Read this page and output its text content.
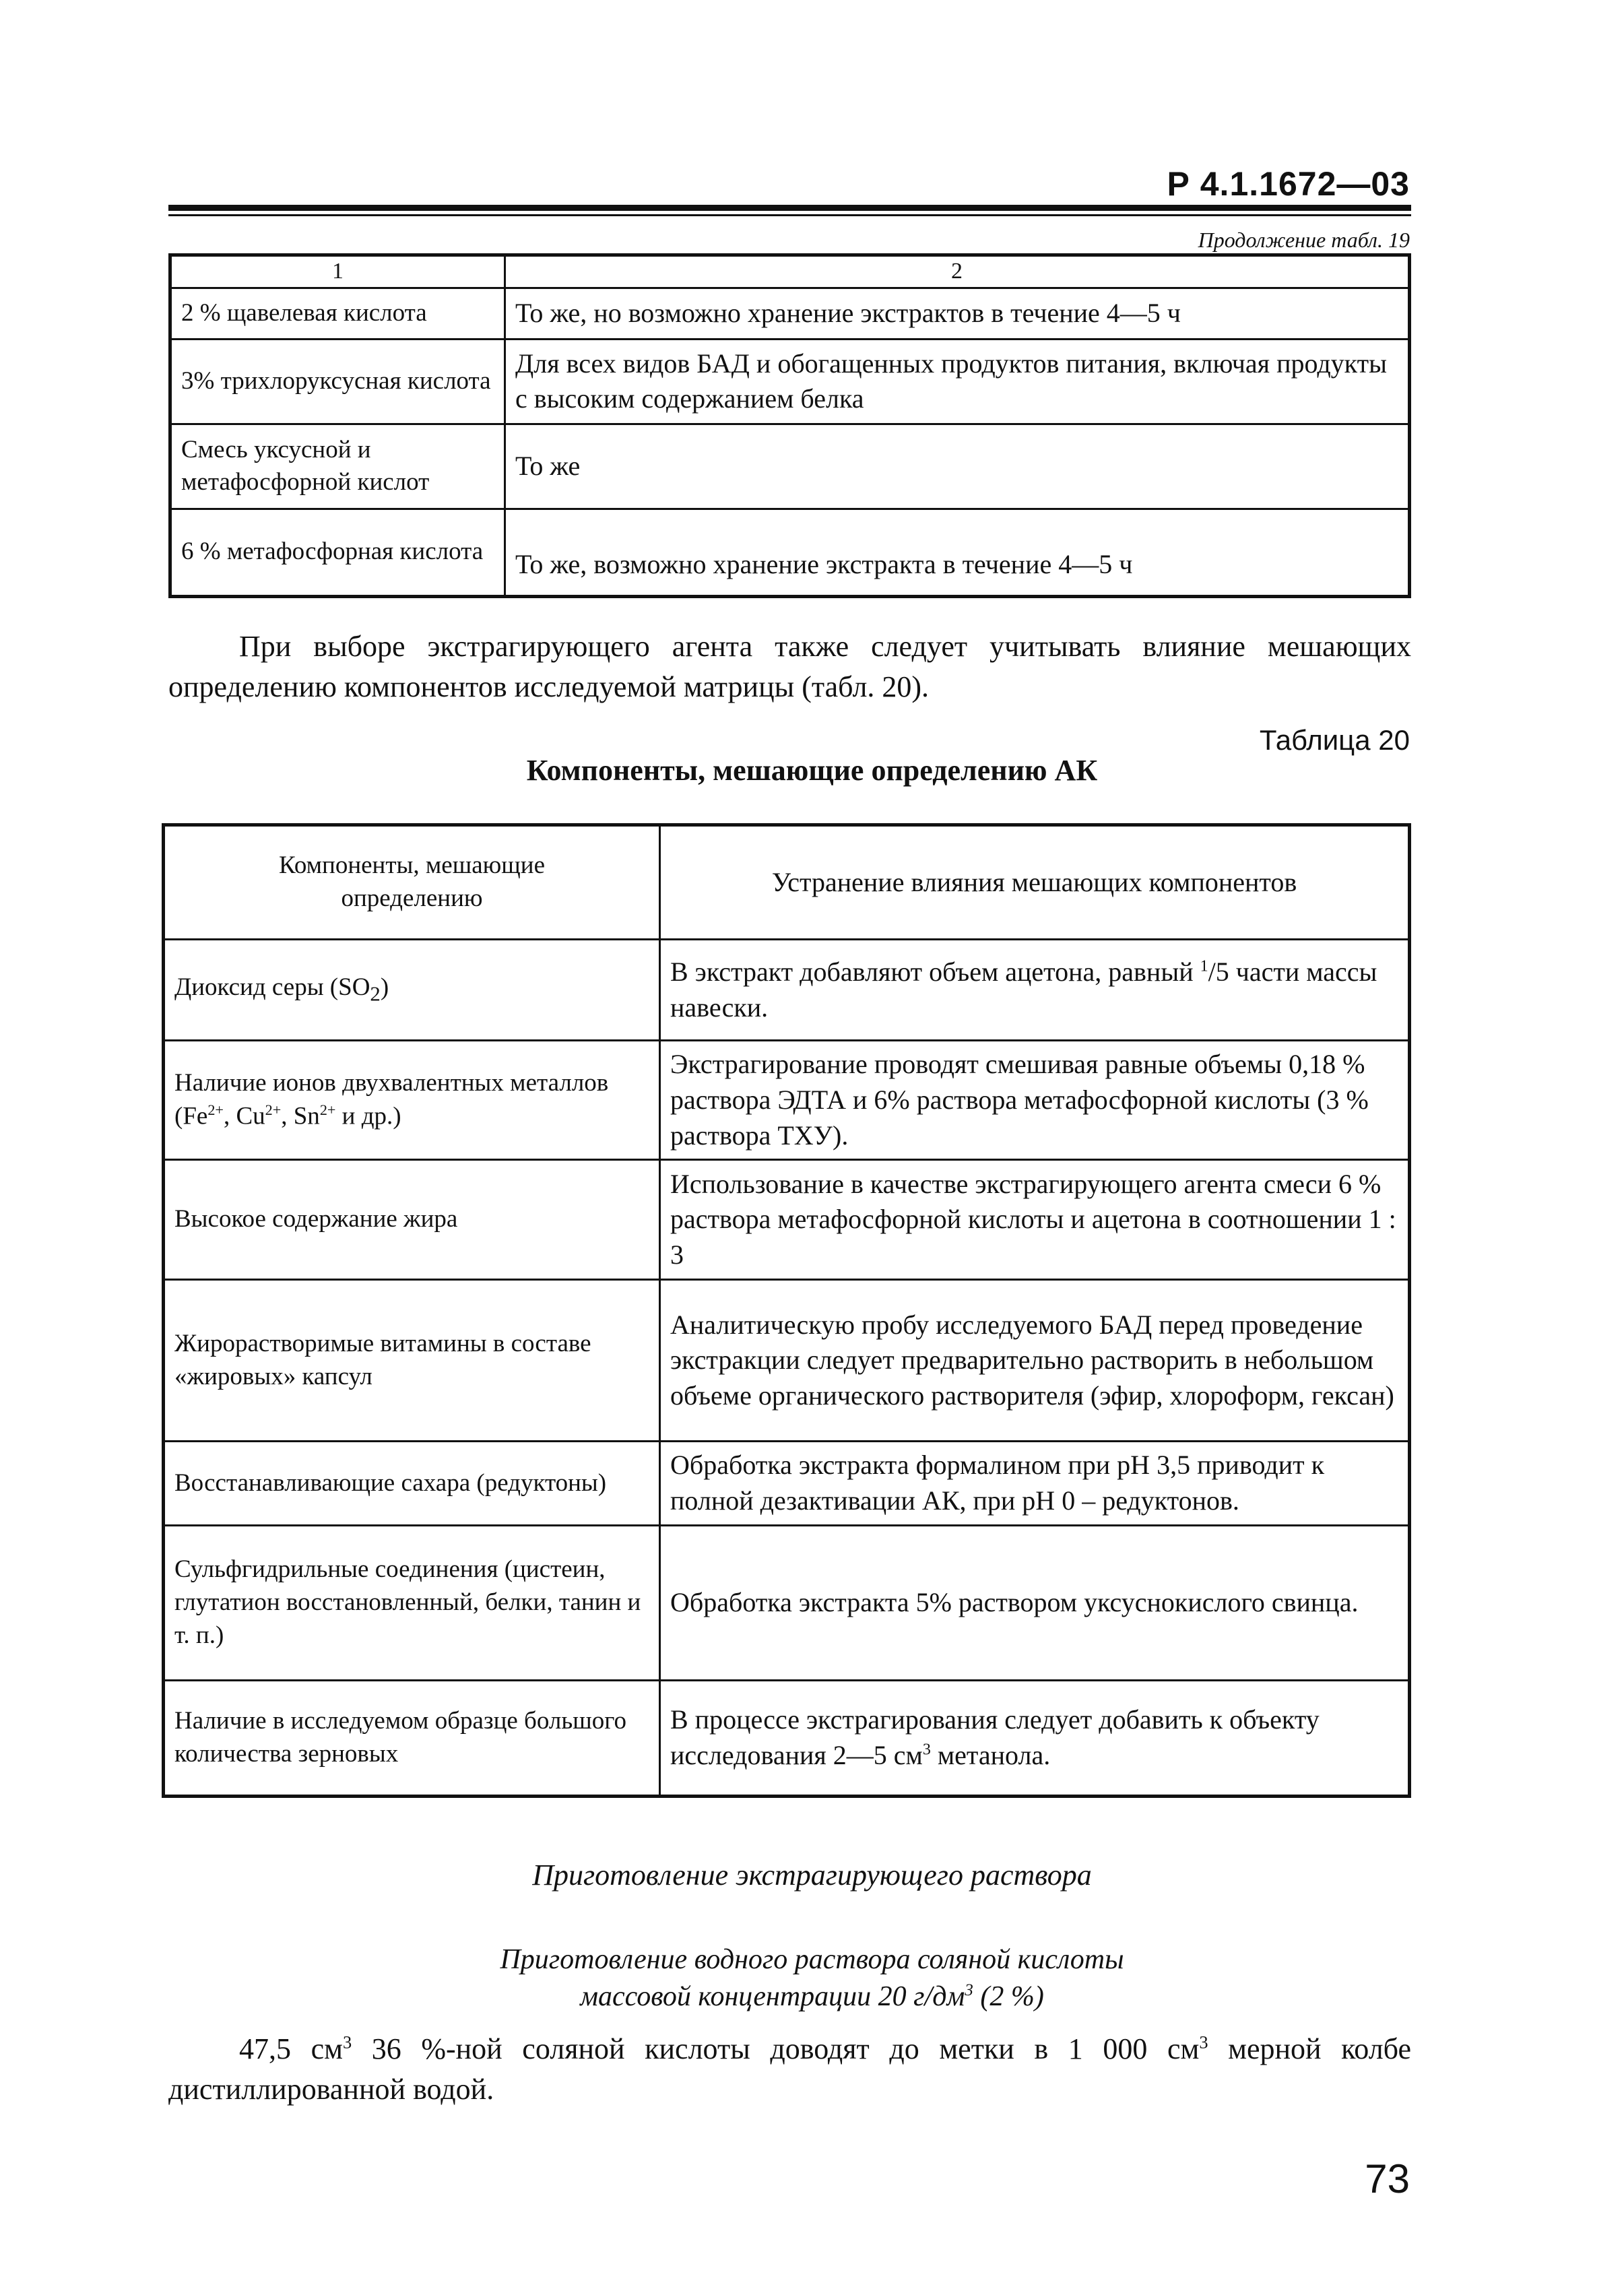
Р 4.1.1672—03
Продолжение табл. 19
1	2
2 % щавелевая кислота	То же, но возможно хранение экстрактов в течение 4—5 ч
3% трихлоруксусная кислота	Для всех видов БАД и обогащенных продуктов питания, включая продукты с высоким содержанием белка
Смесь уксусной и метафосфорной кислот	То же
6 % метафосфорная кислота	То же, возможно хранение экстракта в течение 4—5 ч
При выборе экстрагирующего агента также следует учитывать влияние мешающих определению компонентов исследуемой матрицы (табл. 20).
Таблица 20
Компоненты, мешающие определению АК
Компоненты, мешающие определению	Устранение влияния мешающих компонентов
Диоксид серы $(SO_2)$	В экстракт добавляют объем ацетона, равный $^1$/5 части массы навески.
Наличие ионов двухвалентных металлов ($Fe^{2+}$, $Cu^{2+}$, $Sn^{2+}$ и др.)	Экстрагирование проводят смешивая равные объемы 0,18 % раствора ЭДТА и 6% раствора метафосфорной кислоты (3 % раствора ТХУ).
Высокое содержание жира	Использование в качестве экстрагирующего агента смеси 6 % раствора метафосфорной кислоты и ацетона в соотношении 1 : 3
Жирорастворимые витамины в составе «жировых» капсул	Аналитическую пробу исследуемого БАД перед проведение экстракции следует предварительно растворить в небольшом объеме органического растворителя (эфир, хлороформ, гексан)
Восстанавливающие сахара (редуктоны)	Обработка экстракта формалином при pH 3,5 приводит к полной дезактивации АК, при pH 0 – редуктонов.
Сульфгидрильные соединения (цистеин, глутатион восстановленный, белки, танин и т. п.)	Обработка экстракта 5% раствором уксуснокислого свинца.
Наличие в исследуемом образце большого количества зерновых	В процессе экстрагирования следует добавить к объекту исследования 2—5 $см^3$ метанола.
Приготовление экстрагирующего раствора
Приготовление водного раствора соляной кислоты
массовой концентрации 20 $г/дм^3$ (2 %)
47,5 $см^3$ 36 %-ной соляной кислоты доводят до метки в 1 000 $см^3$ мерной колбе дистиллированной водой.
73
